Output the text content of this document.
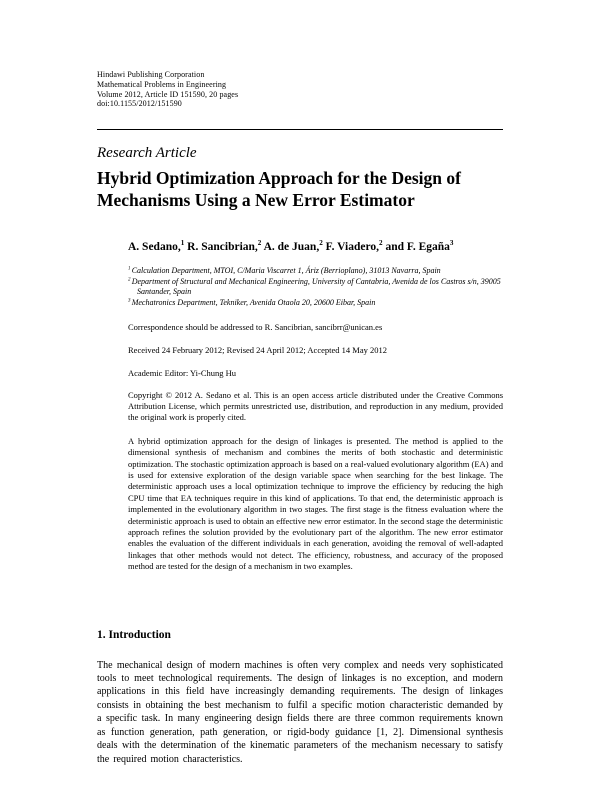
Hindawi Publishing Corporation
Mathematical Problems in Engineering
Volume 2012, Article ID 151590, 20 pages
doi:10.1155/2012/151590
Research Article
Hybrid Optimization Approach for the Design of Mechanisms Using a New Error Estimator
A. Sedano,$^1$ R. Sancibrian,$^2$ A. de Juan,$^2$ F. Viadero,$^2$ and F. Egaña$^3$
$^1$ Calculation Department, MTOI, C/Maria Viscarret 1, Áriz (Berrioplano), 31013 Navarra, Spain
$^2$ Department of Structural and Mechanical Engineering, University of Cantabria, Avenida de los Castros s/n, 39005 Santander, Spain
$^3$ Mechatronics Department, Tekniker, Avenida Otaola 20, 20600 Eibar, Spain
Correspondence should be addressed to R. Sancibrian, sancibrr@unican.es
Received 24 February 2012; Revised 24 April 2012; Accepted 14 May 2012
Academic Editor: Yi-Chung Hu
Copyright © 2012 A. Sedano et al. This is an open access article distributed under the Creative Commons Attribution License, which permits unrestricted use, distribution, and reproduction in any medium, provided the original work is properly cited.
A hybrid optimization approach for the design of linkages is presented. The method is applied to the dimensional synthesis of mechanism and combines the merits of both stochastic and deterministic optimization. The stochastic optimization approach is based on a real-valued evolutionary algorithm (EA) and is used for extensive exploration of the design variable space when searching for the best linkage. The deterministic approach uses a local optimization technique to improve the efficiency by reducing the high CPU time that EA techniques require in this kind of applications. To that end, the deterministic approach is implemented in the evolutionary algorithm in two stages. The first stage is the fitness evaluation where the deterministic approach is used to obtain an effective new error estimator. In the second stage the deterministic approach refines the solution provided by the evolutionary part of the algorithm. The new error estimator enables the evaluation of the different individuals in each generation, avoiding the removal of well-adapted linkages that other methods would not detect. The efficiency, robustness, and accuracy of the proposed method are tested for the design of a mechanism in two examples.
1. Introduction
The mechanical design of modern machines is often very complex and needs very sophisticated tools to meet technological requirements. The design of linkages is no exception, and modern applications in this field have increasingly demanding requirements. The design of linkages consists in obtaining the best mechanism to fulfil a specific motion characteristic demanded by a specific task. In many engineering design fields there are three common requirements known as function generation, path generation, or rigid-body guidance [1, 2]. Dimensional synthesis deals with the determination of the kinematic parameters of the mechanism necessary to satisfy the required motion characteristics.
